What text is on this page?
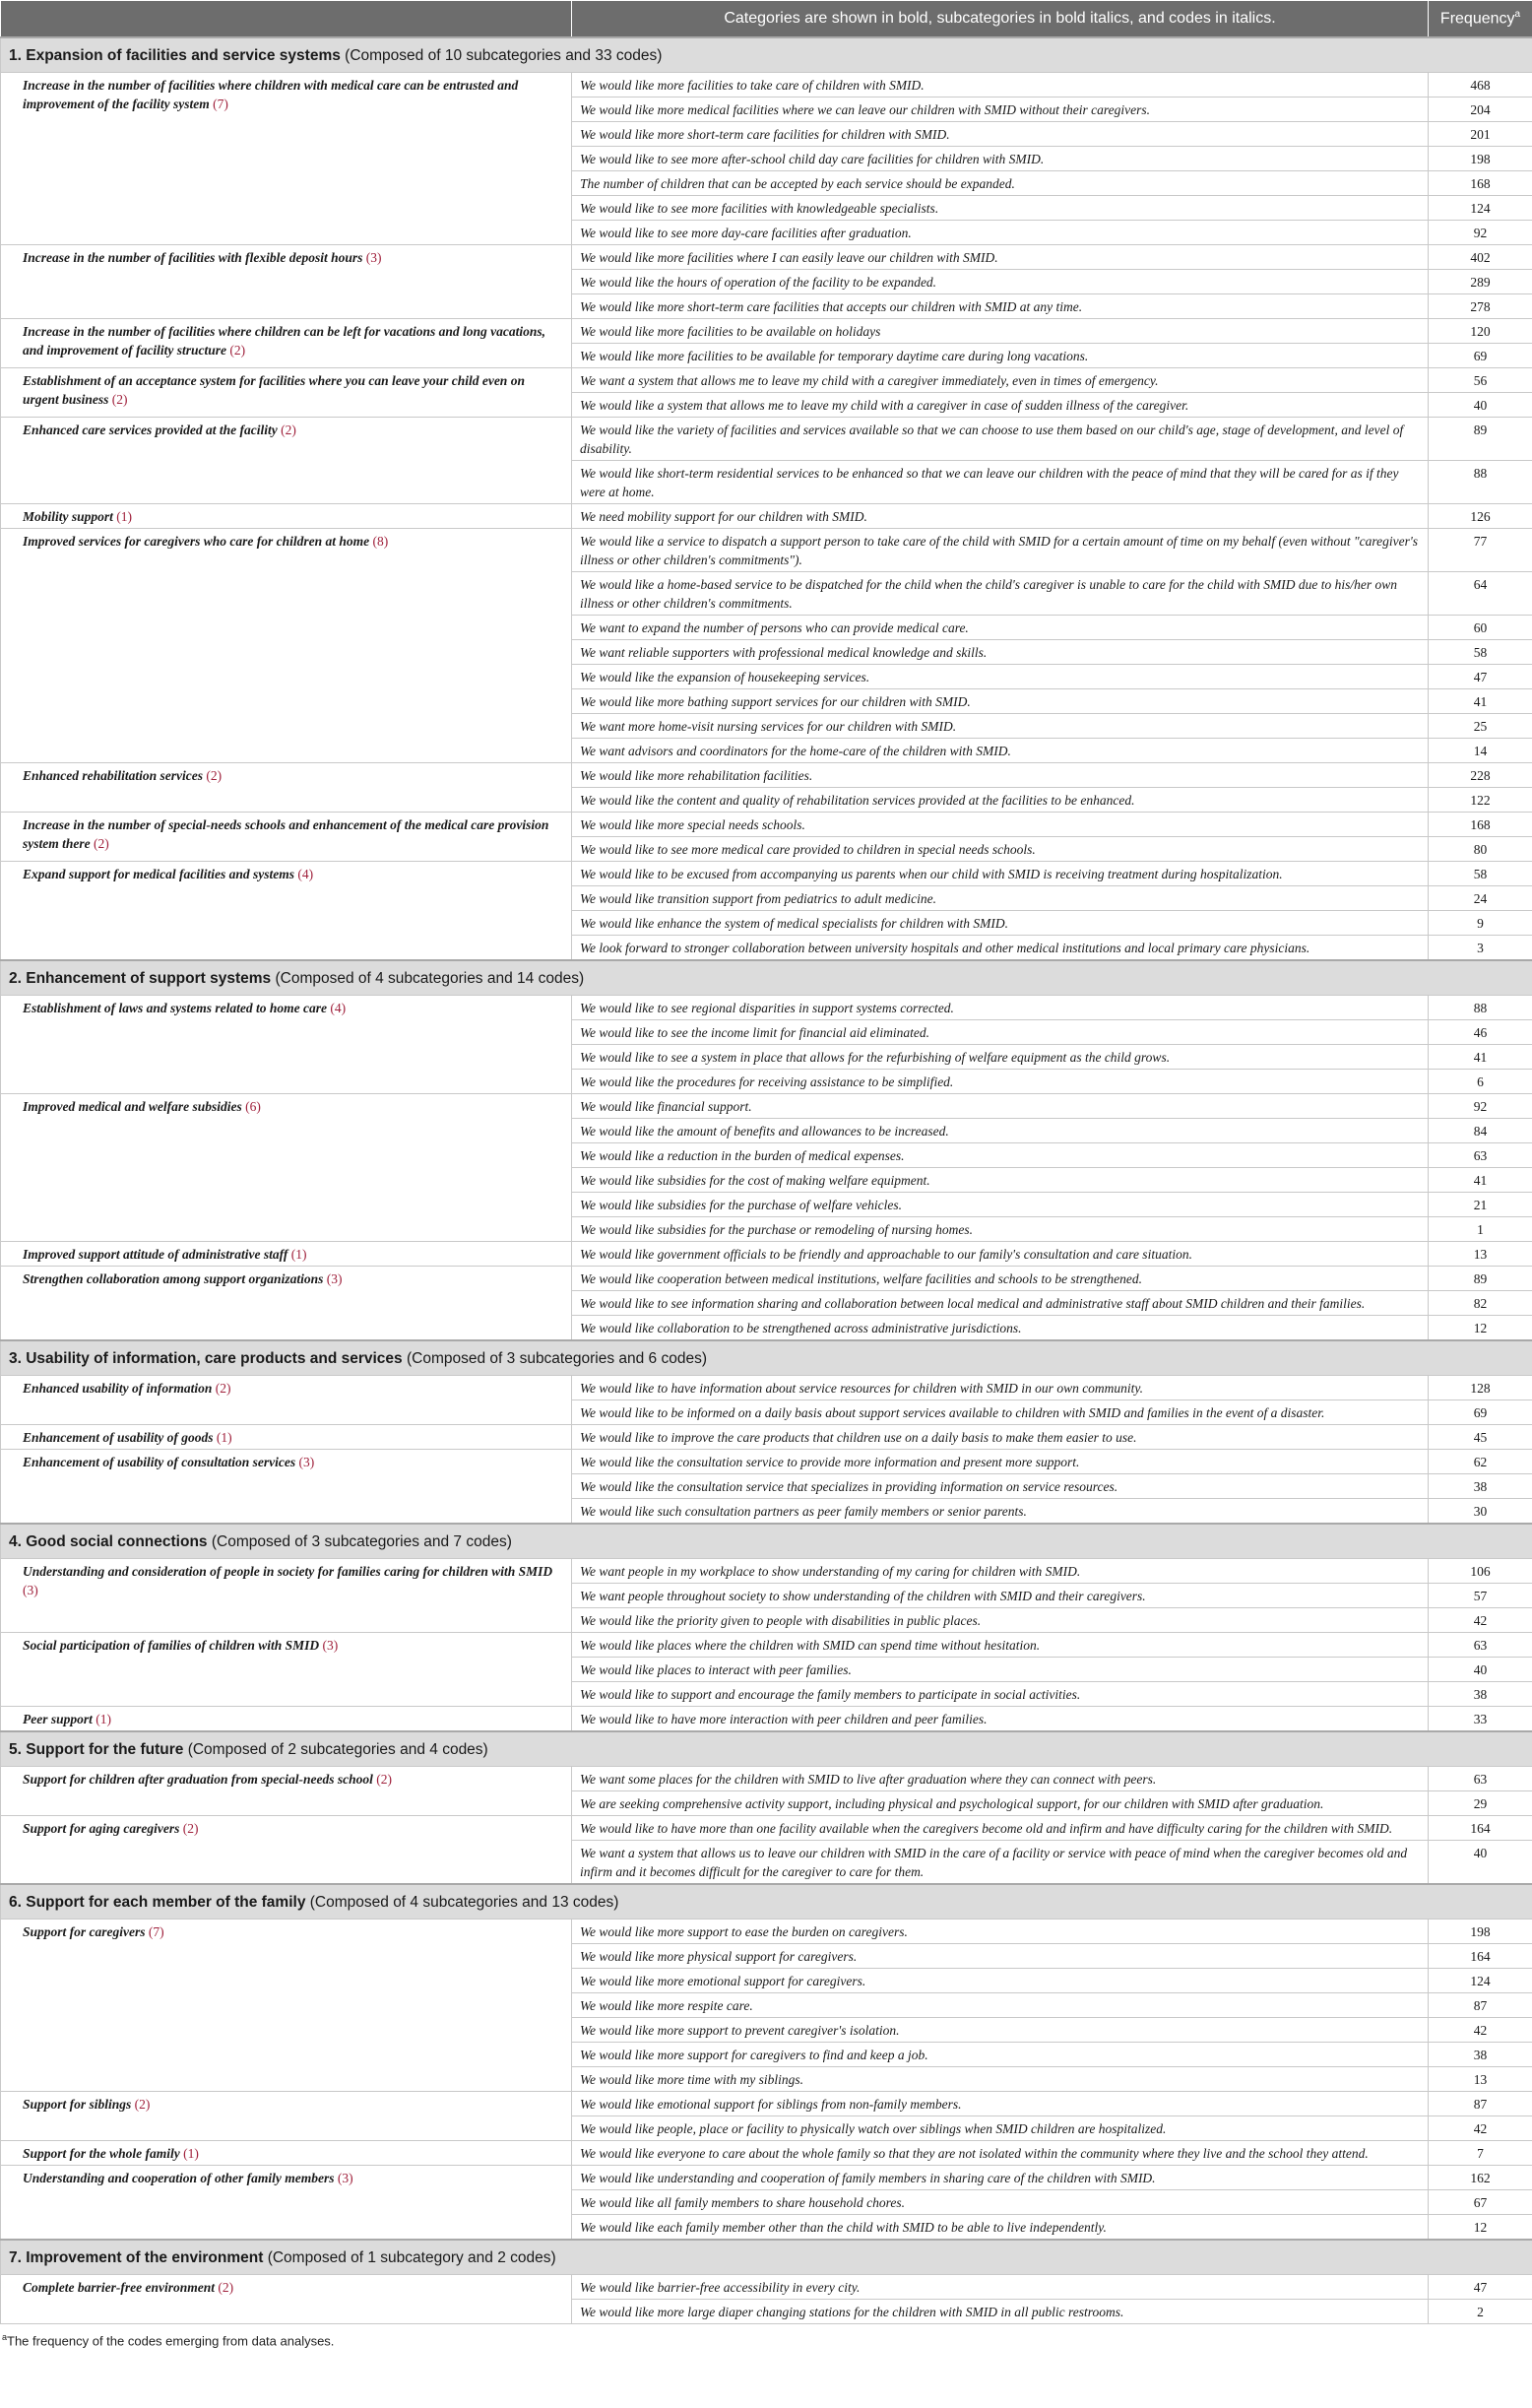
	Categories are shown in bold, subcategories in bold italics, and codes in italics.	Frequency$^a$
1. Expansion of facilities and service systems (Composed of 10 subcategories and 33 codes)		
Increase in the number of facilities where children with medical care can be entrusted and improvement of the facility system (7)	We would like more facilities to take care of children with SMID.	468
	We would like more medical facilities where we can leave our children with SMID without their caregivers.	204
	We would like more short-term care facilities for children with SMID.	201
	We would like to see more after-school child day care facilities for children with SMID.	198
	The number of children that can be accepted by each service should be expanded.	168
	We would like to see more facilities with knowledgeable specialists.	124
	We would like to see more day-care facilities after graduation.	92
Increase in the number of facilities with flexible deposit hours (3)	We would like more facilities where I can easily leave our children with SMID.	402
	We would like the hours of operation of the facility to be expanded.	289
	We would like more short-term care facilities that accepts our children with SMID at any time.	278
Increase in the number of facilities where children can be left for vacations and long vacations, and improvement of facility structure (2)	We would like more facilities to be available on holidays	120
	We would like more facilities to be available for temporary daytime care during long vacations.	69
Establishment of an acceptance system for facilities where you can leave your child even on urgent business (2)	We want a system that allows me to leave my child with a caregiver immediately, even in times of emergency.	56
	We would like a system that allows me to leave my child with a caregiver in case of sudden illness of the caregiver.	40
Enhanced care services provided at the facility (2)	We would like the variety of facilities and services available so that we can choose to use them based on our child's age, stage of development, and level of disability.	89
	We would like short-term residential services to be enhanced so that we can leave our children with the peace of mind that they will be cared for as if they were at home.	88
Mobility support (1)	We need mobility support for our children with SMID.	126
Improved services for caregivers who care for children at home (8)	We would like a service to dispatch a support person to take care of the child with SMID for a certain amount of time on my behalf (even without "caregiver's illness or other children's commitments").	77
	We would like a home-based service to be dispatched for the child when the child's caregiver is unable to care for the child with SMID due to his/her own illness or other children's commitments.	64
	We want to expand the number of persons who can provide medical care.	60
	We want reliable supporters with professional medical knowledge and skills.	58
	We would like the expansion of housekeeping services.	47
	We would like more bathing support services for our children with SMID.	41
	We want more home-visit nursing services for our children with SMID.	25
	We want advisors and coordinators for the home-care of the children with SMID.	14
Enhanced rehabilitation services (2)	We would like more rehabilitation facilities.	228
	We would like the content and quality of rehabilitation services provided at the facilities to be enhanced.	122
Increase in the number of special-needs schools and enhancement of the medical care provision system there (2)	We would like more special needs schools.	168
	We would like to see more medical care provided to children in special needs schools.	80
Expand support for medical facilities and systems (4)	We would like to be excused from accompanying us parents when our child with SMID is receiving treatment during hospitalization.	58
	We would like transition support from pediatrics to adult medicine.	24
	We would like enhance the system of medical specialists for children with SMID.	9
	We look forward to stronger collaboration between university hospitals and other medical institutions and local primary care physicians.	3
2. Enhancement of support systems (Composed of 4 subcategories and 14 codes)		
Establishment of laws and systems related to home care (4)	We would like to see regional disparities in support systems corrected.	88
	We would like to see the income limit for financial aid eliminated.	46
	We would like to see a system in place that allows for the refurbishing of welfare equipment as the child grows.	41
	We would like the procedures for receiving assistance to be simplified.	6
Improved medical and welfare subsidies (6)	We would like financial support.	92
	We would like the amount of benefits and allowances to be increased.	84
	We would like a reduction in the burden of medical expenses.	63
	We would like subsidies for the cost of making welfare equipment.	41
	We would like subsidies for the purchase of welfare vehicles.	21
	We would like subsidies for the purchase or remodeling of nursing homes.	1
Improved support attitude of administrative staff (1)	We would like government officials to be friendly and approachable to our family's consultation and care situation.	13
Strengthen collaboration among support organizations (3)	We would like cooperation between medical institutions, welfare facilities and schools to be strengthened.	89
	We would like to see information sharing and collaboration between local medical and administrative staff about SMID children and their families.	82
	We would like collaboration to be strengthened across administrative jurisdictions.	12
3. Usability of information, care products and services (Composed of 3 subcategories and 6 codes)		
Enhanced usability of information (2)	We would like to have information about service resources for children with SMID in our own community.	128
	We would like to be informed on a daily basis about support services available to children with SMID and families in the event of a disaster.	69
Enhancement of usability of goods (1)	We would like to improve the care products that children use on a daily basis to make them easier to use.	45
Enhancement of usability of consultation services (3)	We would like the consultation service to provide more information and present more support.	62
	We would like the consultation service that specializes in providing information on service resources.	38
	We would like such consultation partners as peer family members or senior parents.	30
4. Good social connections (Composed of 3 subcategories and 7 codes)		
Understanding and consideration of people in society for families caring for children with SMID (3)	We want people in my workplace to show understanding of my caring for children with SMID.	106
	We want people throughout society to show understanding of the children with SMID and their caregivers.	57
	We would like the priority given to people with disabilities in public places.	42
Social participation of families of children with SMID (3)	We would like places where the children with SMID can spend time without hesitation.	63
	We would like places to interact with peer families.	40
	We would like to support and encourage the family members to participate in social activities.	38
Peer support (1)	We would like to have more interaction with peer children and peer families.	33
5. Support for the future (Composed of 2 subcategories and 4 codes)		
Support for children after graduation from special-needs school (2)	We want some places for the children with SMID to live after graduation where they can connect with peers.	63
	We are seeking comprehensive activity support, including physical and psychological support, for our children with SMID after graduation.	29
Support for aging caregivers (2)	We would like to have more than one facility available when the caregivers become old and infirm and have difficulty caring for the children with SMID.	164
	We want a system that allows us to leave our children with SMID in the care of a facility or service with peace of mind when the caregiver becomes old and infirm and it becomes difficult for the caregiver to care for them.	40
6. Support for each member of the family (Composed of 4 subcategories and 13 codes)		
Support for caregivers (7)	We would like more support to ease the burden on caregivers.	198
	We would like more physical support for caregivers.	164
	We would like more emotional support for caregivers.	124
	We would like more respite care.	87
	We would like more support to prevent caregiver's isolation.	42
	We would like more support for caregivers to find and keep a job.	38
	We would like more time with my siblings.	13
Support for siblings (2)	We would like emotional support for siblings from non-family members.	87
	We would like people, place or facility to physically watch over siblings when SMID children are hospitalized.	42
Support for the whole family (1)	We would like everyone to care about the whole family so that they are not isolated within the community where they live and the school they attend.	7
Understanding and cooperation of other family members (3)	We would like understanding and cooperation of family members in sharing care of the children with SMID.	162
	We would like all family members to share household chores.	67
	We would like each family member other than the child with SMID to be able to live independently.	12
7. Improvement of the environment (Composed of 1 subcategory and 2 codes)		
Complete barrier-free environment (2)	We would like barrier-free accessibility in every city.	47
	We would like more large diaper changing stations for the children with SMID in all public restrooms.	2
$^a$The frequency of the codes emerging from data analyses.
